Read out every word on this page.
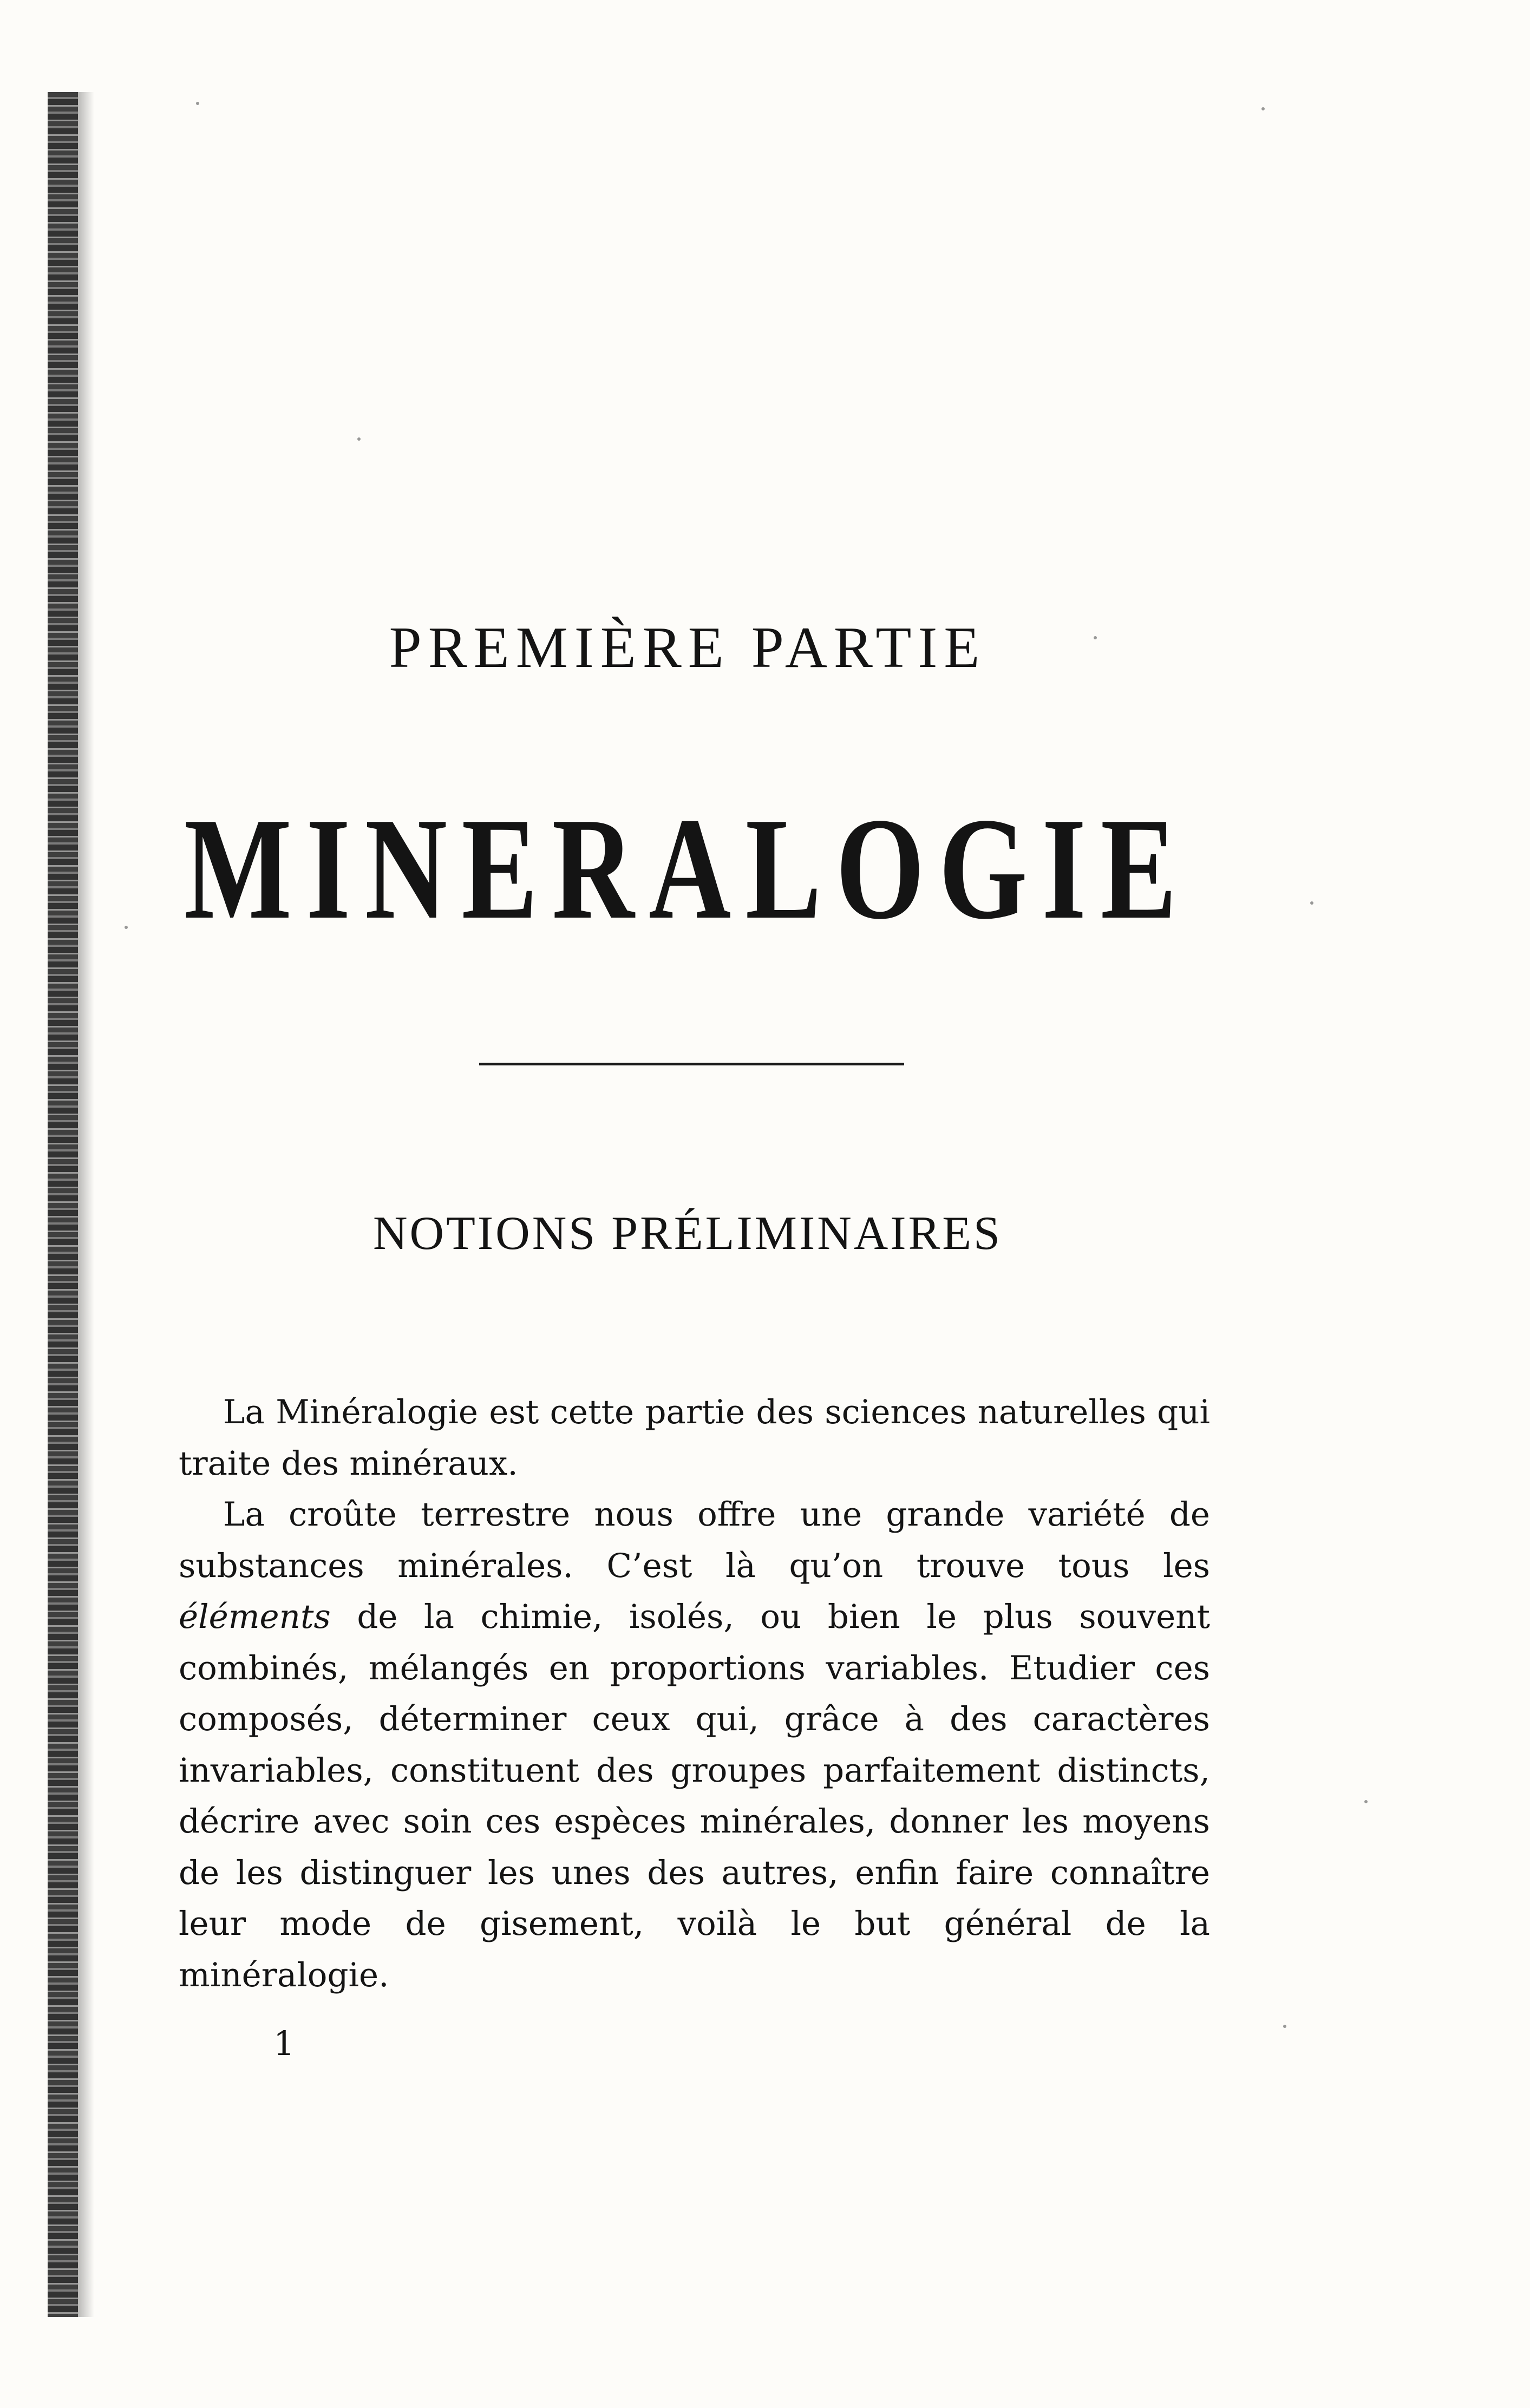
PREMIÈRE PARTIE
MINERALOGIE
NOTIONS PRÉLIMINAIRES

La Minéralogie est cette partie des sciences naturelles qui traite des minéraux.

La croûte terrestre nous offre une grande variété de substances minérales. C’est là qu’on trouve tous les éléments de la chimie, isolés, ou bien le plus souvent combinés, mélangés en proportions variables. Etudier ces composés, déterminer ceux qui, grâce à des caractères invariables, constituent des groupes parfaitement distincts, décrire avec soin ces espèces minérales, donner les moyens de les distinguer les unes des autres, enfin faire connaître leur mode de gisement, voilà le but général de la minéralogie.

1
